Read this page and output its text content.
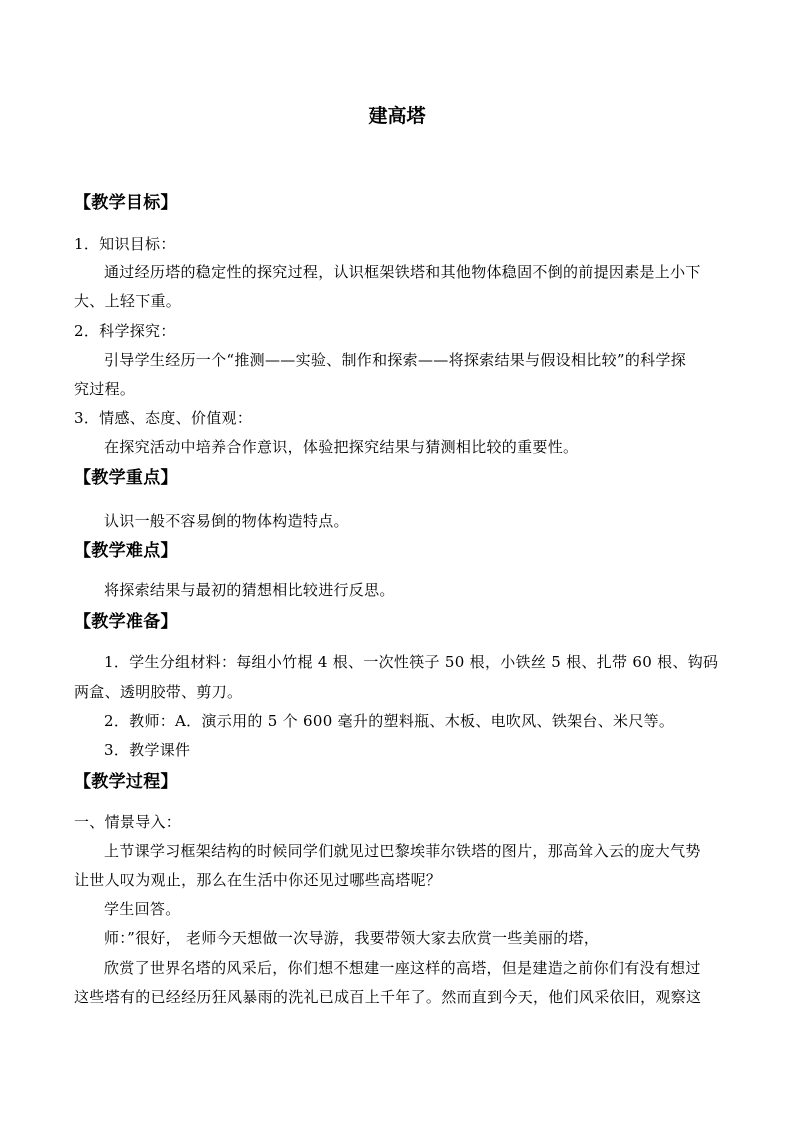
建高塔
【教学目标】
1．知识目标：
通过经历塔的稳定性的探究过程，认识框架铁塔和其他物体稳固不倒的前提因素是上小下
大、上轻下重。
2．科学探究：
引导学生经历一个“推测——实验、制作和探索——将探索结果与假设相比较”的科学探
究过程。
3．情感、态度、价值观：
在探究活动中培养合作意识，体验把探究结果与猜测相比较的重要性。
【教学重点】
认识一般不容易倒的物体构造特点。
【教学难点】
将探索结果与最初的猜想相比较进行反思。
【教学准备】
1．学生分组材料：每组小竹棍 4 根、一次性筷子 50 根，小铁丝 5 根、扎带 60 根、钩码
两盒、透明胶带、剪刀。
2．教师：A．演示用的 5 个 600 毫升的塑料瓶、木板、电吹风、铁架台、米尺等。
3．教学课件
【教学过程】
一、情景导入：
上节课学习框架结构的时候同学们就见过巴黎埃菲尔铁塔的图片，那高耸入云的庞大气势
让世人叹为观止，那么在生活中你还见过哪些高塔呢？
学生回答。
师：”很好， 老师今天想做一次导游，我要带领大家去欣赏一些美丽的塔，
欣赏了世界名塔的风采后，你们想不想建一座这样的高塔，但是建造之前你们有没有想过
这些塔有的已经经历狂风暴雨的洗礼已成百上千年了。然而直到今天，他们风采依旧，观察这
